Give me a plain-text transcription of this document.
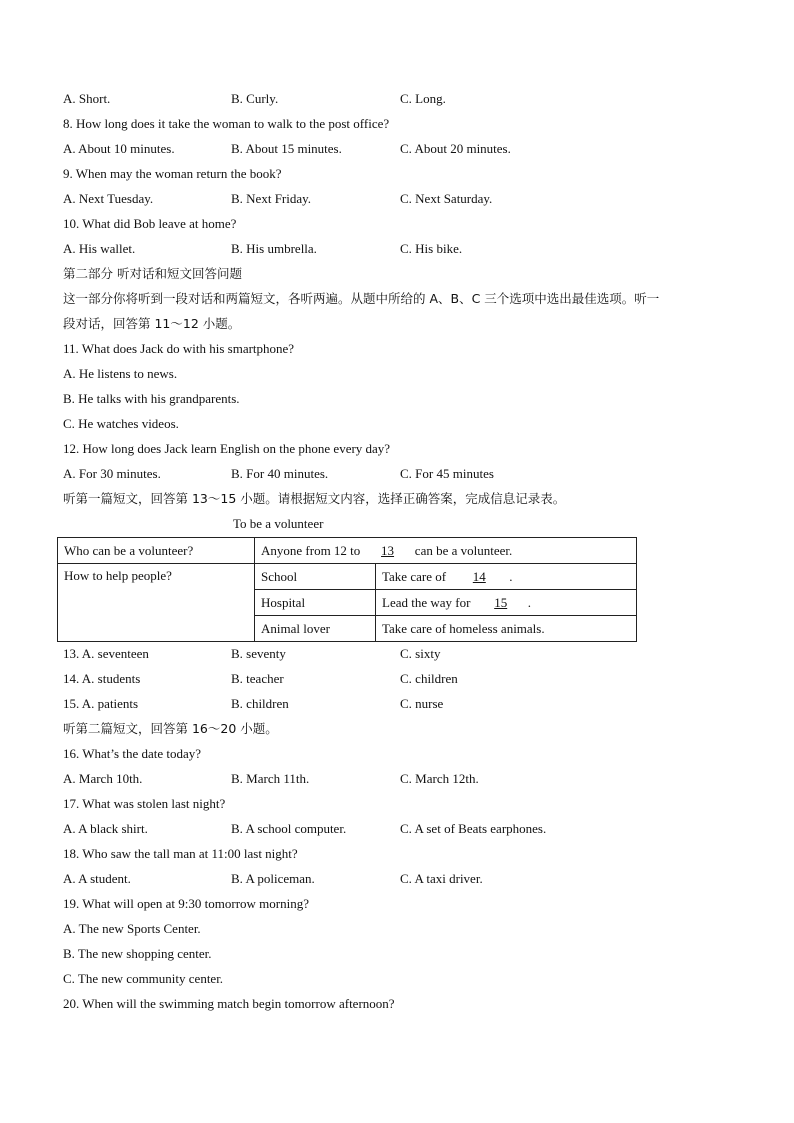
A. Short.	B. Curly.	C. Long.
8. How long does it take the woman to walk to the post office?
A. About 10 minutes.	B. About 15 minutes.	C. About 20 minutes.
9. When may the woman return the book?
A. Next Tuesday.	B. Next Friday.	C. Next Saturday.
10. What did Bob leave at home?
A. His wallet.	B. His umbrella.	C. His bike.
第二部分 听对话和短文回答问题
这一部分你将听到一段对话和两篇短文，各听两遍。从题中所给的 A、B、C 三个选项中选出最佳选项。听一
段对话，回答第 11～12 小题。
11. What does Jack do with his smartphone?
A. He listens to news.
B. He talks with his grandparents.
C. He watches videos.
12. How long does Jack learn English on the phone every day?
A. For 30 minutes.	B. For 40 minutes.	C. For 45 minutes
听第一篇短文，回答第 13～15 小题。请根据短文内容，选择正确答案，完成信息记录表。
To be a volunteer
Who can be a volunteer?	Anyone from 12 to 13 can be a volunteer.	
How to help people?	School	Take care of 14 .
	Hospital	Lead the way for 15 .
	Animal lover	Take care of homeless animals.
13. A. seventeen	B. seventy	C. sixty
14. A. students	B. teacher	C. children
15. A. patients	B. children	C. nurse
听第二篇短文，回答第 16～20 小题。
16. What’s the date today?
A. March 10th.	B. March 11th.	C. March 12th.
17. What was stolen last night?
A. A black shirt.	B. A school computer.	C. A set of Beats earphones.
18. Who saw the tall man at 11:00 last night?
A. A student.	B. A policeman.	C. A taxi driver.
19. What will open at 9:30 tomorrow morning?
A. The new Sports Center.
B. The new shopping center.
C. The new community center.
20. When will the swimming match begin tomorrow afternoon?
